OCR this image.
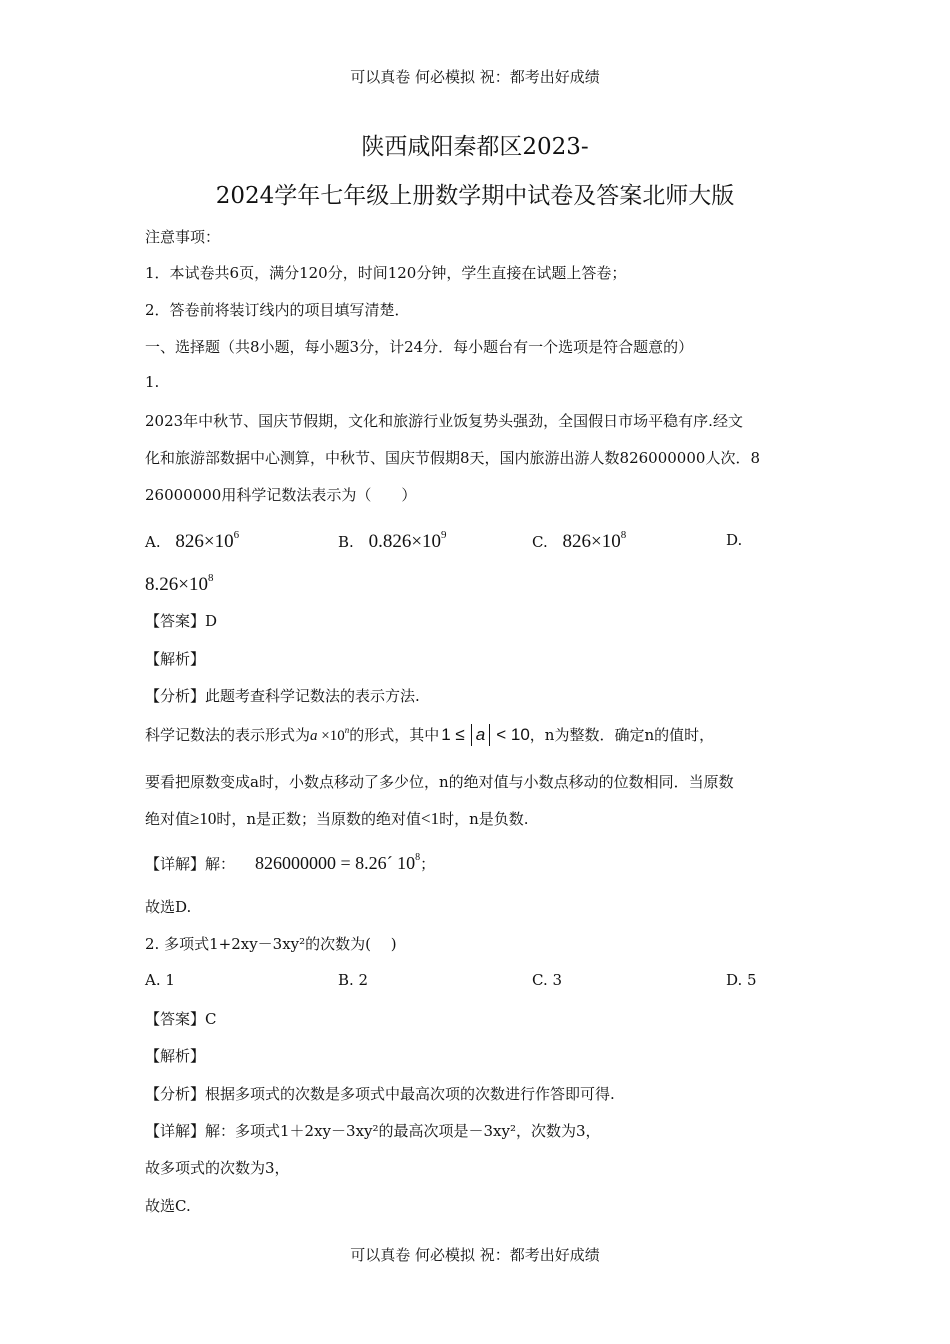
可以真卷 何必模拟 祝：都考出好成绩
陕西咸阳秦都区2023-
2024学年七年级上册数学期中试卷及答案北师大版
注意事项：
1．本试卷共6页，满分120分，时间120分钟，学生直接在试题上答卷；
2．答卷前将装订线内的项目填写清楚．
一、选择题（共8小题，每小题3分，计24分．每小题台有一个选项是符合题意的）
1.
2023年中秋节、国庆节假期，文化和旅游行业饭复势头强劲，全国假日市场平稳有序.经文
化和旅游部数据中心测算，中秋节、国庆节假期8天，国内旅游出游人数826000000人次．8
26000000用科学记数法表示为（　　）
A. $826\times 10^6$	B. $0.826\times 10^9$	C. $826\times 10^8$	D.
$8.26\times 10^8$
【答案】D
【解析】
【分析】此题考查科学记数法的表示方法.
科学记数法的表示形式为$a \times 10^n$的形式，其中 1 ≤ a < 10，n为整数．确定n的值时，
要看把原数变成a时，小数点移动了多少位，n的绝对值与小数点移动的位数相同．当原数
绝对值≥10时，n是正数；当原数的绝对值<1时，n是负数.
【详解】解： 826000000 = 8.26´ $10^8$；
故选D.
2. 多项式1+2xy－3xy²的次数为(　 )
A. 1	B. 2	C. 3	D. 5
【答案】C
【解析】
【分析】根据多项式的次数是多项式中最高次项的次数进行作答即可得.
【详解】解：多项式1＋2xy－3xy²的最高次项是－3xy²，次数为3，
故多项式的次数为3，
故选C.
可以真卷 何必模拟 祝：都考出好成绩
